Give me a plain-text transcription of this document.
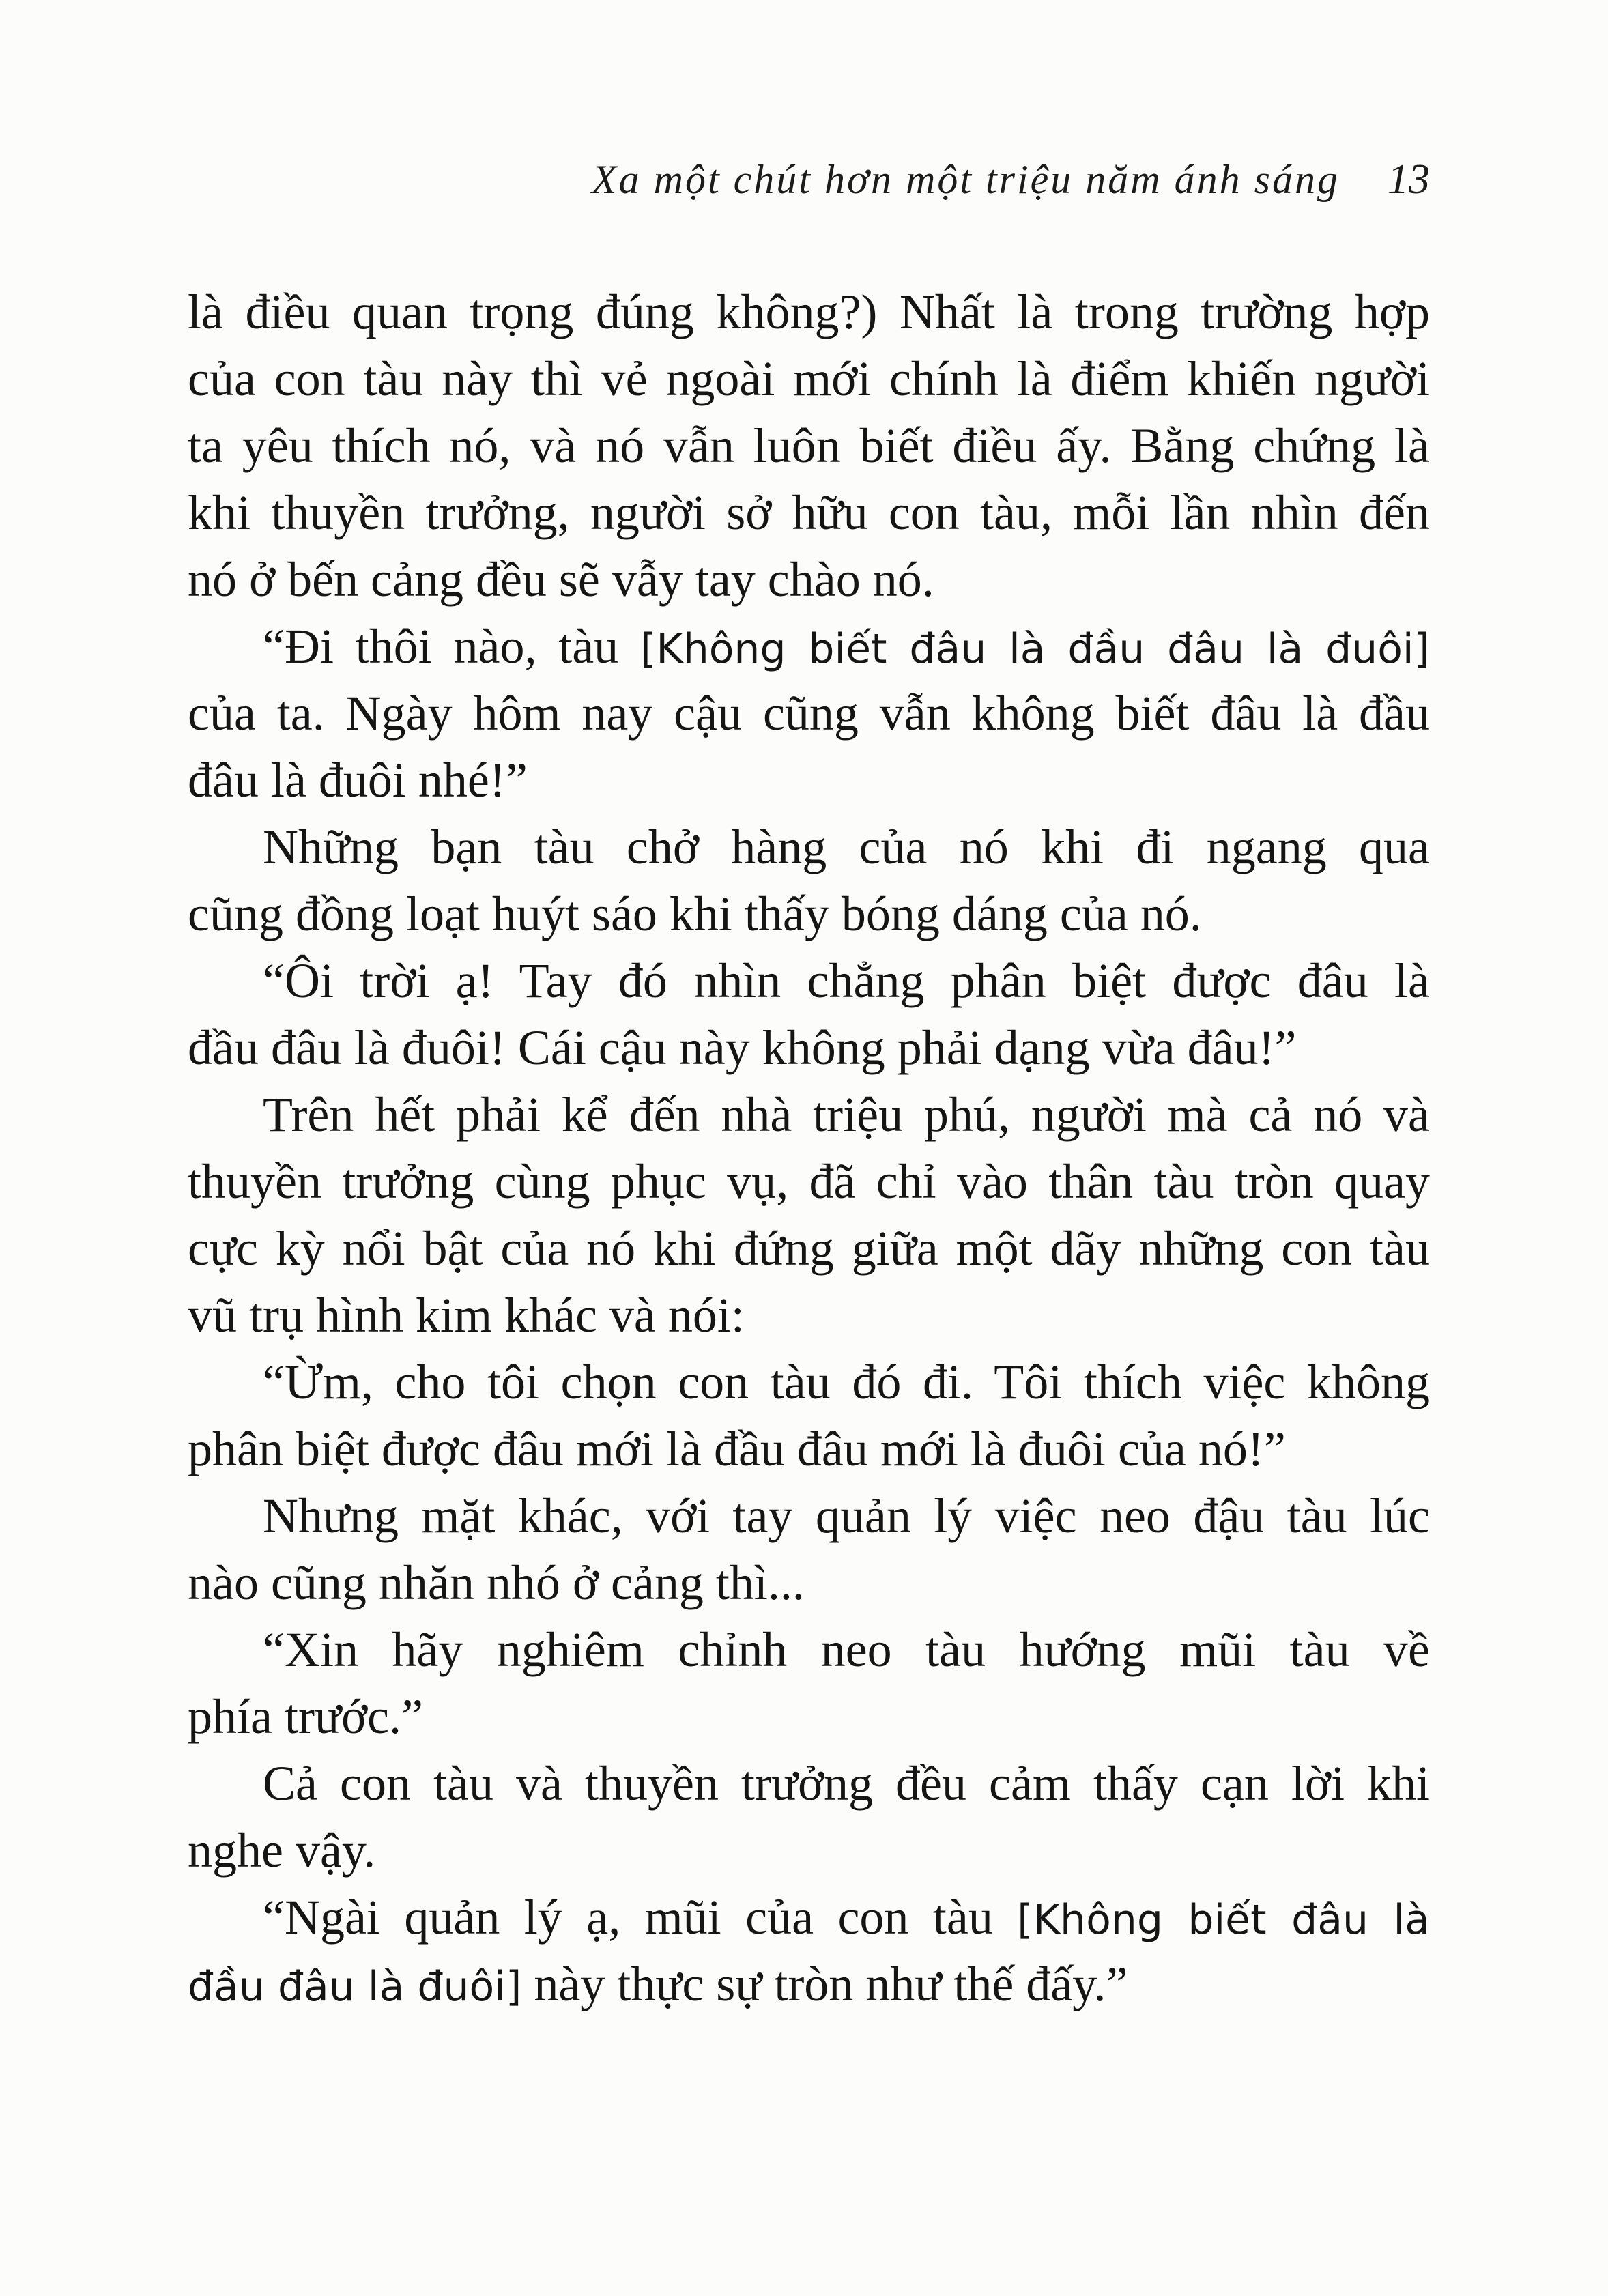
Xa một chút hơn một triệu năm ánh sáng 13
là điều quan trọng đúng không?) Nhất là trong trường hợp
của con tàu này thì vẻ ngoài mới chính là điểm khiến người
ta yêu thích nó, và nó vẫn luôn biết điều ấy. Bằng chứng là
khi thuyền trưởng, người sở hữu con tàu, mỗi lần nhìn đến
nó ở bến cảng đều sẽ vẫy tay chào nó.
“Đi thôi nào, tàu [Không biết đâu là đầu đâu là đuôi]
của ta. Ngày hôm nay cậu cũng vẫn không biết đâu là đầu
đâu là đuôi nhé!”
Những bạn tàu chở hàng của nó khi đi ngang qua
cũng đồng loạt huýt sáo khi thấy bóng dáng của nó.
“Ôi trời ạ! Tay đó nhìn chẳng phân biệt được đâu là
đầu đâu là đuôi! Cái cậu này không phải dạng vừa đâu!”
Trên hết phải kể đến nhà triệu phú, người mà cả nó và
thuyền trưởng cùng phục vụ, đã chỉ vào thân tàu tròn quay
cực kỳ nổi bật của nó khi đứng giữa một dãy những con tàu
vũ trụ hình kim khác và nói:
“Ừm, cho tôi chọn con tàu đó đi. Tôi thích việc không
phân biệt được đâu mới là đầu đâu mới là đuôi của nó!”
Nhưng mặt khác, với tay quản lý việc neo đậu tàu lúc
nào cũng nhăn nhó ở cảng thì...
“Xin hãy nghiêm chỉnh neo tàu hướng mũi tàu về
phía trước.”
Cả con tàu và thuyền trưởng đều cảm thấy cạn lời khi
nghe vậy.
“Ngài quản lý ạ, mũi của con tàu [Không biết đâu là
đầu đâu là đuôi] này thực sự tròn như thế đấy.”
